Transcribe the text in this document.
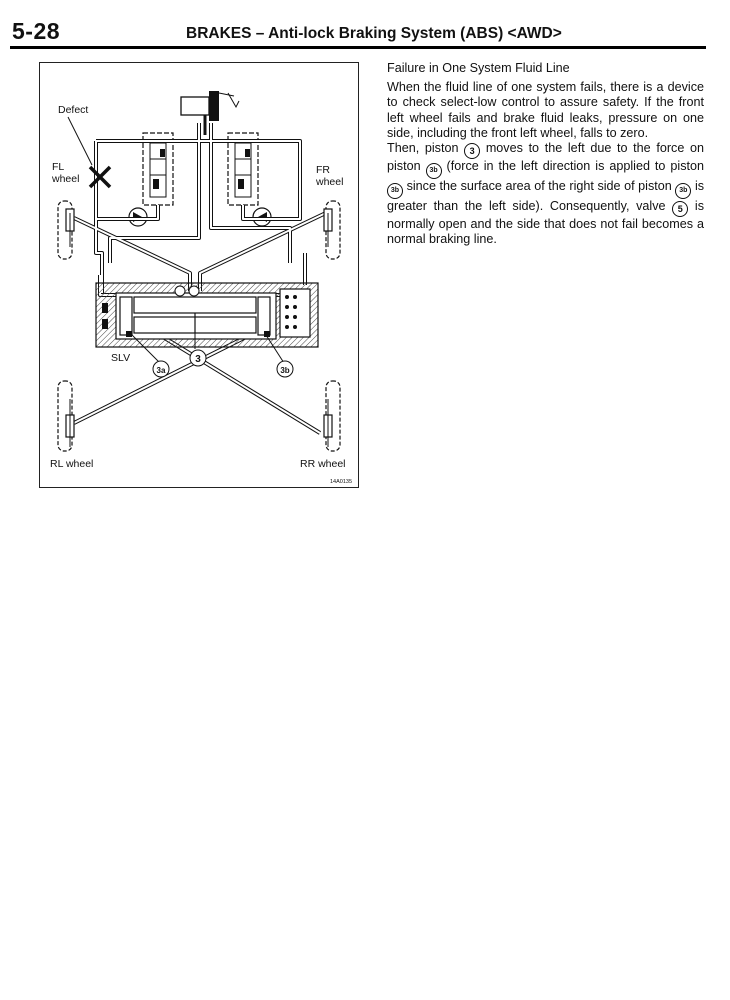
5-28	BRAKES – Anti-lock Braking System (ABS) <AWD>
Defect
FL
wheel
FR
wheel
SLV
RL wheel	RR wheel
3
3a	3b
14A0135

Failure in One System Fluid Line

When the fluid line of one system fails, there is a device to check select-low control to assure safety. If the front left wheel fails and brake fluid leaks, pressure on one side, including the front left wheel, falls to zero.

Then, piston 3 moves to the left due to the force on piston 3b (force in the left direction is applied to piston 3b since the surface area of the right side of piston 3b is greater than the left side). Consequently, valve 5 is normally open and the side that does not fail becomes a normal braking line.
